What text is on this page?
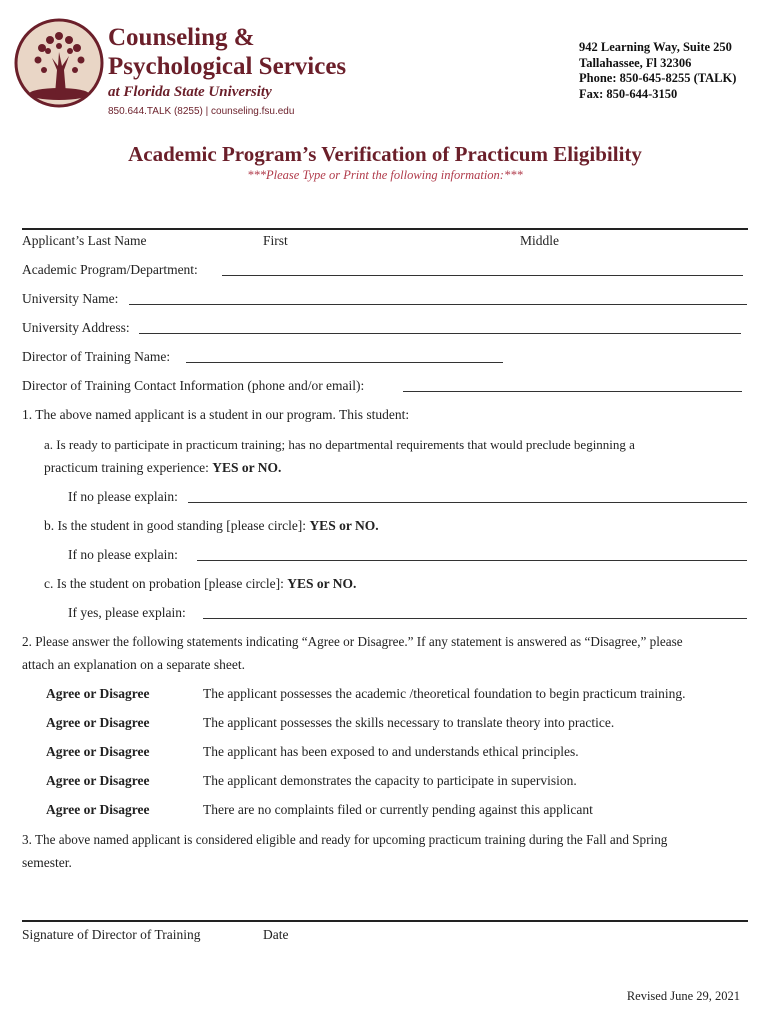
Counseling &
Psychological Services
at Florida State University
850.644.TALK (8255) | counseling.fsu.edu
942 Learning Way, Suite 250
Tallahassee, Fl 32306
Phone: 850-645-8255 (TALK)
Fax: 850-644-3150
Academic Program’s Verification of Practicum Eligibility
***Please Type or Print the following information:***
Applicant’s Last Name	First	Middle
Academic Program/Department:
University Name:
University Address:
Director of Training Name:
Director of Training Contact Information (phone and/or email):
1. The above named applicant is a student in our program. This student:
a. Is ready to participate in practicum training; has no departmental requirements that would preclude beginning a
practicum training experience: YES or NO.
If no please explain:
b. Is the student in good standing [please circle]: YES or NO.
If no please explain:
c. Is the student on probation [please circle]: YES or NO.
If yes, please explain:
2. Please answer the following statements indicating “Agree or Disagree.” If any statement is answered as “Disagree,” please
attach an explanation on a separate sheet.
Agree or Disagree	The applicant possesses the academic /theoretical foundation to begin practicum training.
Agree or Disagree	The applicant possesses the skills necessary to translate theory into practice.
Agree or Disagree	The applicant has been exposed to and understands ethical principles.
Agree or Disagree	The applicant demonstrates the capacity to participate in supervision.
Agree or Disagree	There are no complaints filed or currently pending against this applicant
3. The above named applicant is considered eligible and ready for upcoming practicum training during the Fall and Spring
semester.
Signature of Director of Training	Date
Revised June 29, 2021
